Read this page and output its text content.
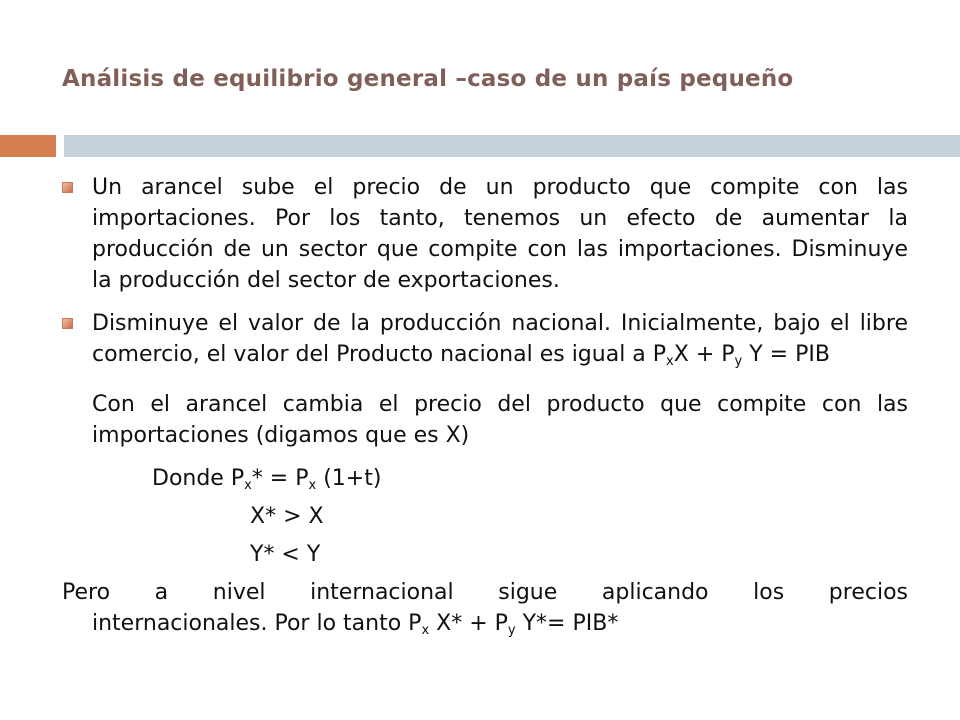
Análisis de equilibrio general –caso de un país pequeño
Un arancel sube el precio de un producto que compite con las importaciones. Por los tanto, tenemos un efecto de aumentar la producción de un sector que compite con las importaciones. Disminuye la producción del sector de exportaciones.
Disminuye el valor de la producción nacional. Inicialmente, bajo el libre comercio, el valor del Producto nacional es igual a $P_xX + P_y$ Y = PIB
Con el arancel cambia el precio del producto que compite con las importaciones (digamos que es X)
Donde $P_x* = P_x$ (1+t)
X* > X
Y* < Y
Pero a nivel internacional sigue aplicando los precios
internacionales. Por lo tanto $P_x$ $X* + P_y$ Y*= PIB*
